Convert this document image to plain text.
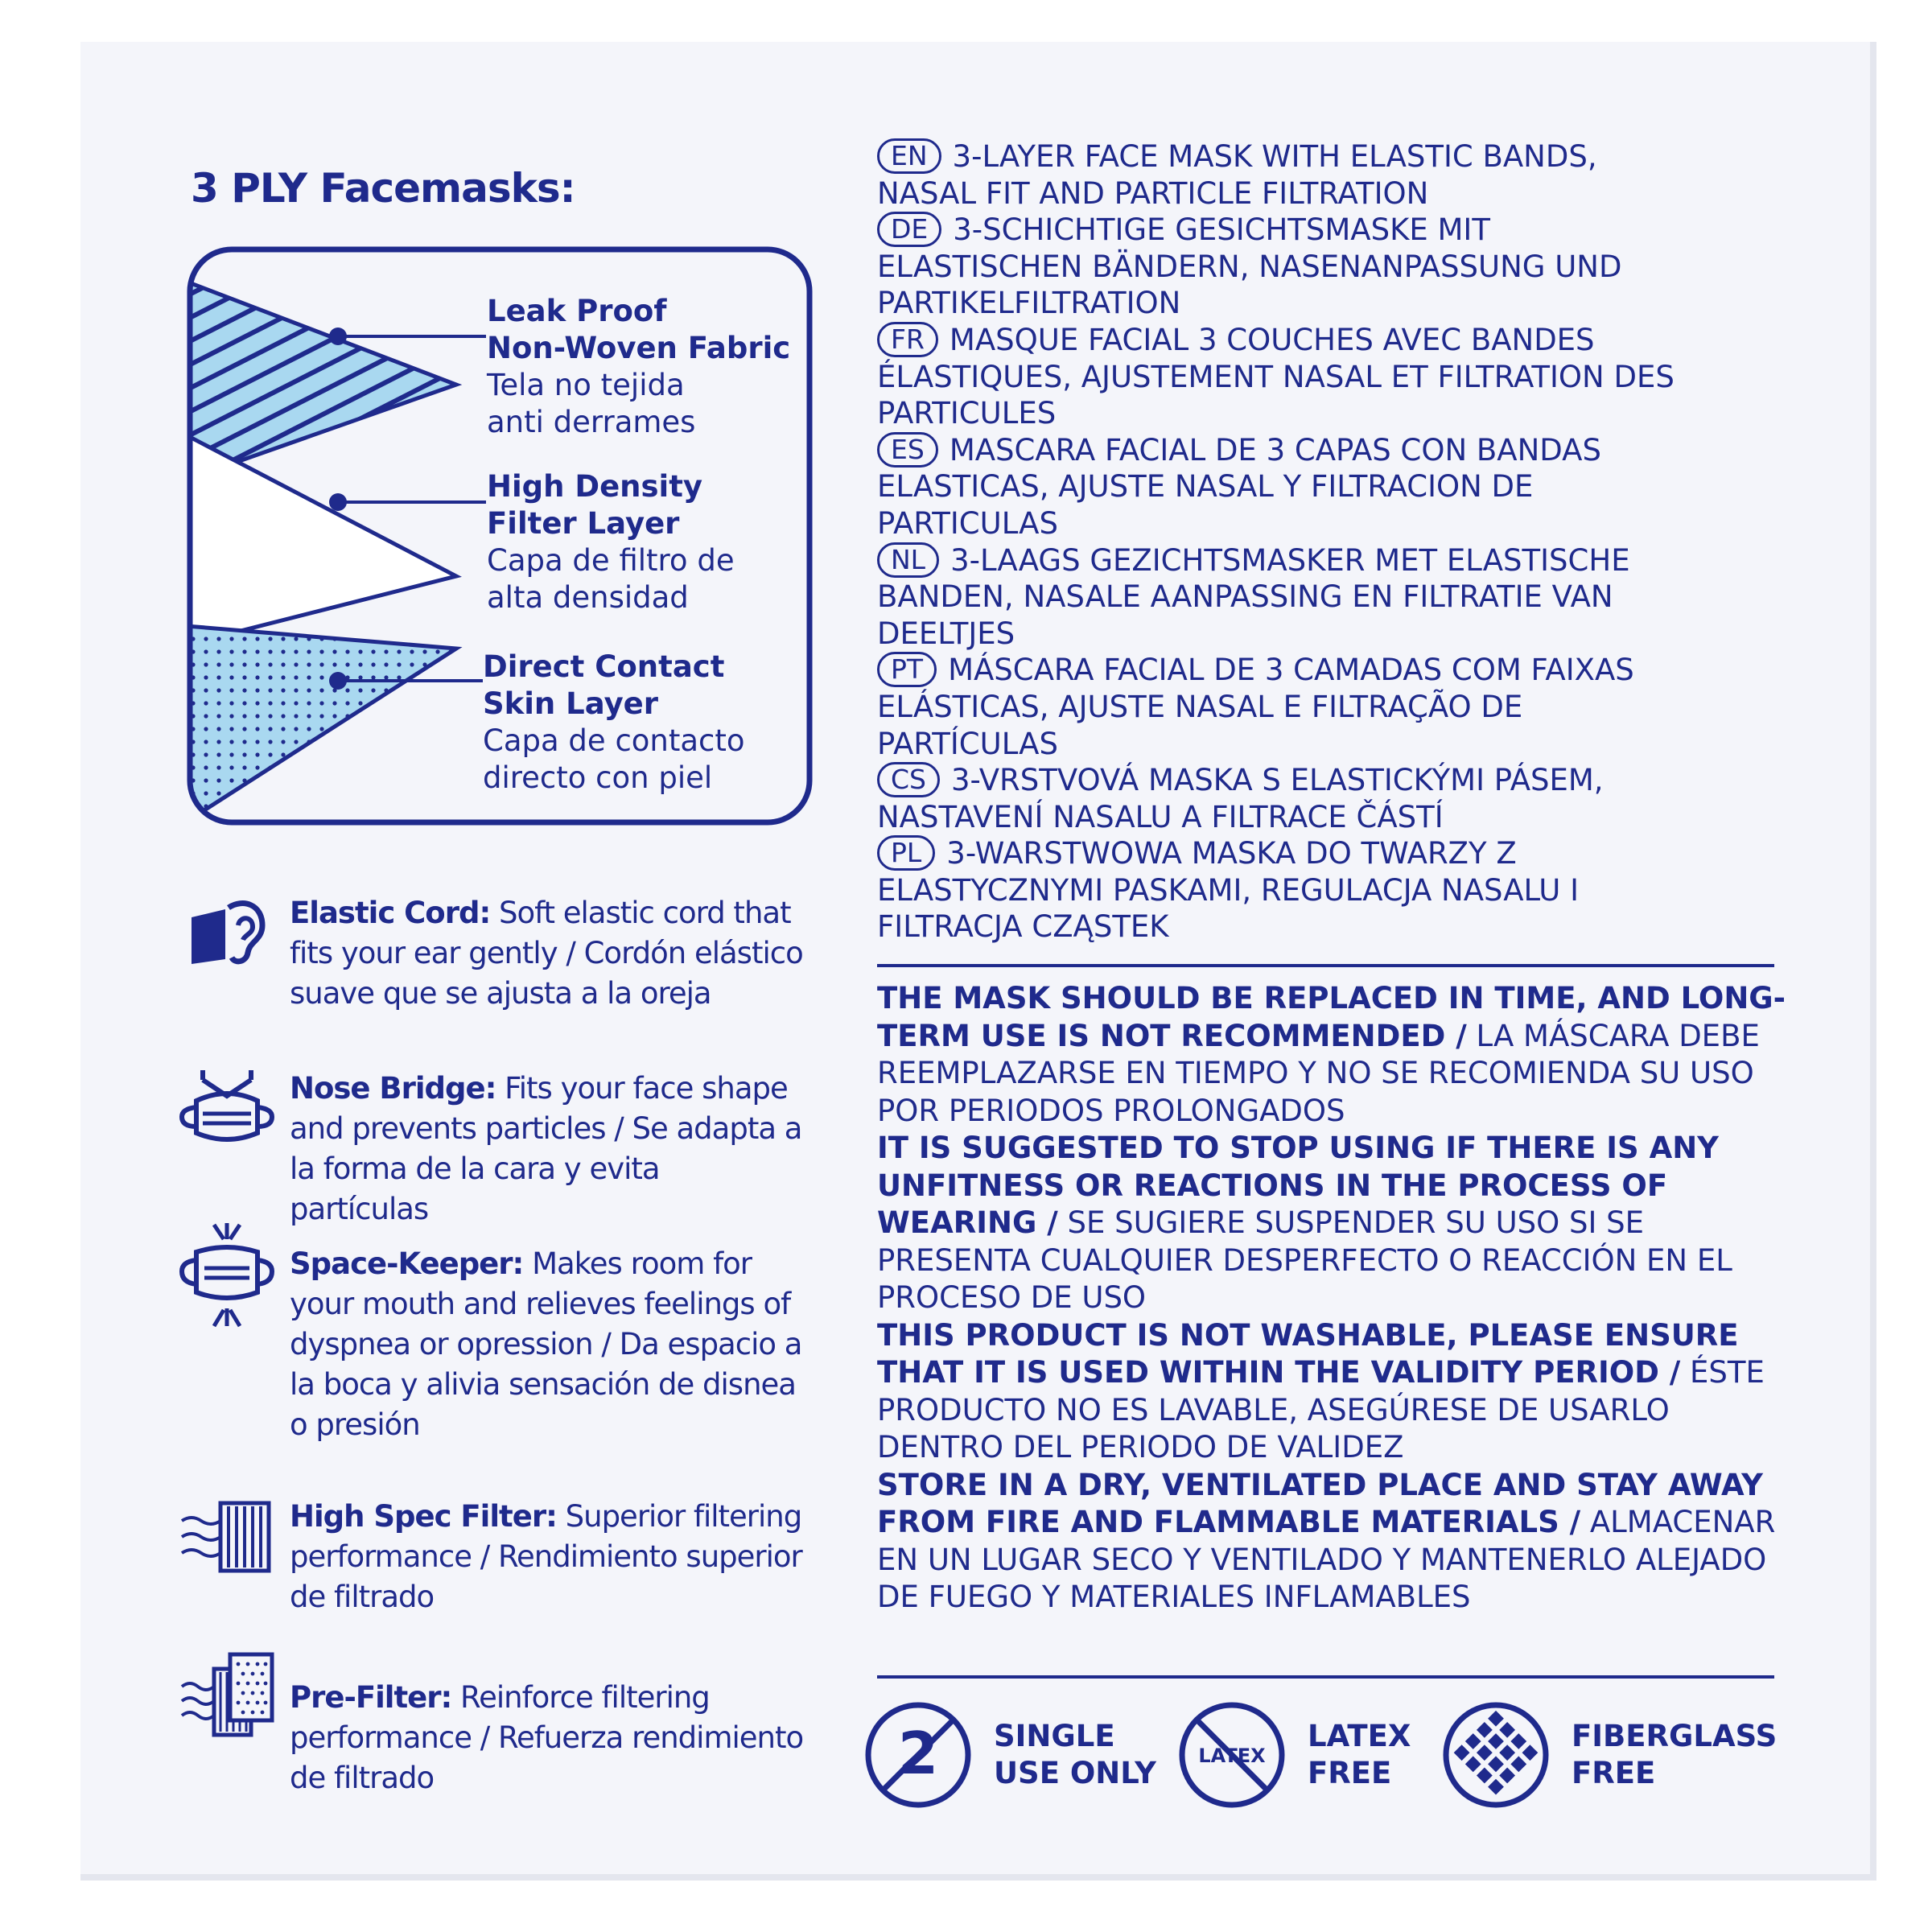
3 PLY Facemasks:
Leak Proof
Non-Woven Fabric
Tela no tejida
anti derrames
High Density
Filter Layer
Capa de filtro de
alta densidad
Direct Contact
Skin Layer
Capa de contacto
directo con piel
Elastic Cord: Soft elastic cord that fits your ear gently / Cordón elástico suave que se ajusta a la oreja
Nose Bridge: Fits your face shape and prevents particles / Se adapta a la forma de la cara y evita partículas
Space-Keeper: Makes room for your mouth and relieves feelings of dyspnea or opression / Da espacio a la boca y alivia sensación de disnea o presión
High Spec Filter: Superior filtering performance / Rendimiento superior de filtrado
Pre-Filter: Reinforce filtering performance / Refuerza rendimiento de filtrado
EN 3-LAYER FACE MASK WITH ELASTIC BANDS,
NASAL FIT AND PARTICLE FILTRATION
DE 3-SCHICHTIGE GESICHTSMASKE MIT
ELASTISCHEN BÄNDERN, NASENANPASSUNG UND
PARTIKELFILTRATION
FR MASQUE FACIAL 3 COUCHES AVEC BANDES
ÉLASTIQUES, AJUSTEMENT NASAL ET FILTRATION DES
PARTICULES
ES MASCARA FACIAL DE 3 CAPAS CON BANDAS
ELASTICAS, AJUSTE NASAL Y FILTRACION DE
PARTICULAS
NL 3-LAAGS GEZICHTSMASKER MET ELASTISCHE
BANDEN, NASALE AANPASSING EN FILTRATIE VAN
DEELTJES
PT MÁSCARA FACIAL DE 3 CAMADAS COM FAIXAS
ELÁSTICAS, AJUSTE NASAL E FILTRAÇÃO DE
PARTÍCULAS
CS 3-VRSTVOVÁ MASKA S ELASTICKÝMI PÁSEM,
NASTAVENÍ NASALU A FILTRACE ČÁSTÍ
PL 3-WARSTWOWA MASKA DO TWARZY Z
ELASTYCZNYMI PASKAMI, REGULACJA NASALU I
FILTRACJA CZĄSTEK
THE MASK SHOULD BE REPLACED IN TIME, AND LONG-TERM USE IS NOT RECOMMENDED / LA MÁSCARA DEBE REEMPLAZARSE EN TIEMPO Y NO SE RECOMIENDA SU USO POR PERIODOS PROLONGADOS
IT IS SUGGESTED TO STOP USING IF THERE IS ANY UNFITNESS OR REACTIONS IN THE PROCESS OF WEARING / SE SUGIERE SUSPENDER SU USO SI SE PRESENTA CUALQUIER DESPERFECTO O REACCIÓN EN EL PROCESO DE USO
THIS PRODUCT IS NOT WASHABLE, PLEASE ENSURE THAT IT IS USED WITHIN THE VALIDITY PERIOD / ÉSTE PRODUCTO NO ES LAVABLE, ASEGÚRESE DE USARLO DENTRO DEL PERIODO DE VALIDEZ
STORE IN A DRY, VENTILATED PLACE AND STAY AWAY FROM FIRE AND FLAMMABLE MATERIALS / ALMACENAR EN UN LUGAR SECO Y VENTILADO Y MANTENERLO ALEJADO DE FUEGO Y MATERIALES INFLAMABLES
2 SINGLE
USE ONLY LATEX
LATEX
FREE
FIBERGLASS
FREE
